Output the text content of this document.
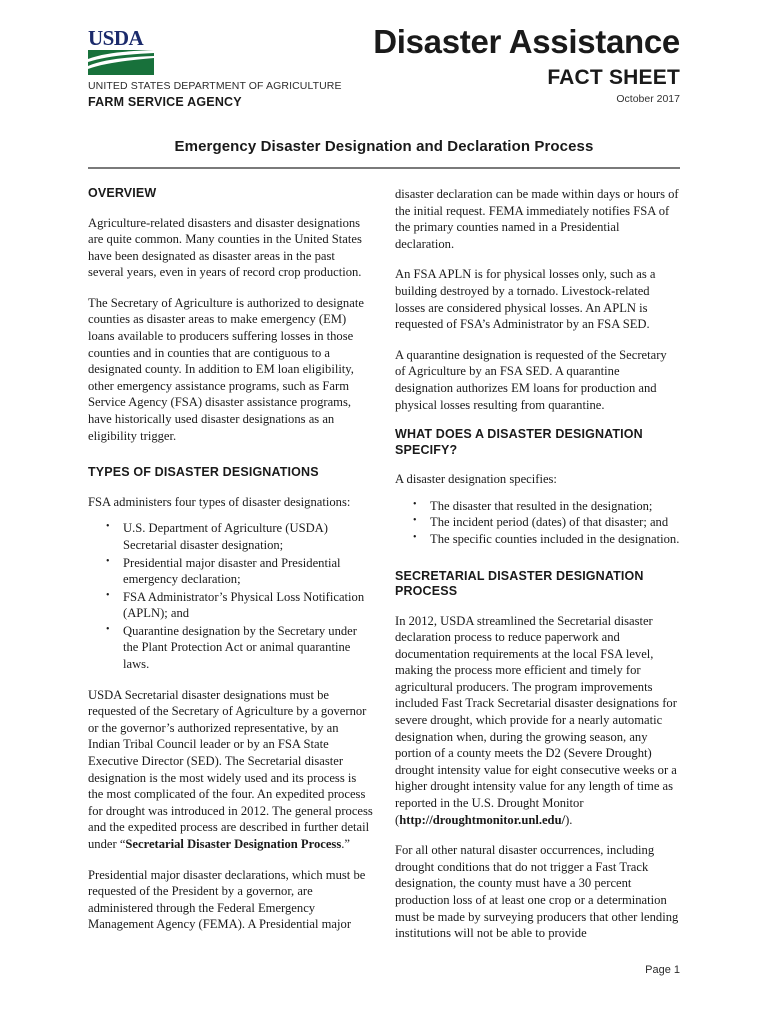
USDA
UNITED STATES DEPARTMENT OF AGRICULTURE
FARM SERVICE AGENCY
Disaster Assistance
FACT SHEET
October 2017
Emergency Disaster Designation and Declaration Process
OVERVIEW

Agriculture-related disasters and disaster designations are quite common. Many counties in the United States have been designated as disaster areas in the past several years, even in years of record crop production.

The Secretary of Agriculture is authorized to designate counties as disaster areas to make emergency (EM) loans available to producers suffering losses in those counties and in counties that are contiguous to a designated county. In addition to EM loan eligibility, other emergency assistance programs, such as Farm Service Agency (FSA) disaster assistance programs, have historically used disaster designations as an eligibility trigger.

TYPES OF DISASTER DESIGNATIONS

FSA administers four types of disaster designations:

• U.S. Department of Agriculture (USDA) Secretarial disaster designation;
• Presidential major disaster and Presidential emergency declaration;
• FSA Administrator’s Physical Loss Notification (APLN); and
• Quarantine designation by the Secretary under the Plant Protection Act or animal quarantine laws.

USDA Secretarial disaster designations must be requested of the Secretary of Agriculture by a governor or the governor’s authorized representative, by an Indian Tribal Council leader or by an FSA State Executive Director (SED). The Secretarial disaster designation is the most widely used and its process is the most complicated of the four. An expedited process for drought was introduced in 2012. The general process and the expedited process are described in further detail under “Secretarial Disaster Designation Process.”

Presidential major disaster declarations, which must be requested of the President by a governor, are administered through the Federal Emergency Management Agency (FEMA). A Presidential major

disaster declaration can be made within days or hours of the initial request. FEMA immediately notifies FSA of the primary counties named in a Presidential declaration.

An FSA APLN is for physical losses only, such as a building destroyed by a tornado. Livestock-related losses are considered physical losses. An APLN is requested of FSA’s Administrator by an FSA SED.

A quarantine designation is requested of the Secretary of Agriculture by an FSA SED. A quarantine designation authorizes EM loans for production and physical losses resulting from quarantine.

WHAT DOES A DISASTER DESIGNATION SPECIFY?

A disaster designation specifies:

• The disaster that resulted in the designation;
• The incident period (dates) of that disaster; and
• The specific counties included in the designation.
SECRETARIAL DISASTER DESIGNATION PROCESS

In 2012, USDA streamlined the Secretarial disaster declaration process to reduce paperwork and documentation requirements at the local FSA level, making the process more efficient and timely for agricultural producers. The program improvements included Fast Track Secretarial disaster designations for severe drought, which provide for a nearly automatic designation when, during the growing season, any portion of a county meets the D2 (Severe Drought) drought intensity value for eight consecutive weeks or a higher drought intensity value for any length of time as reported in the U.S. Drought Monitor (http://droughtmonitor.unl.edu/).

For all other natural disaster occurrences, including drought conditions that do not trigger a Fast Track designation, the county must have a 30 percent production loss of at least one crop or a determination must be made by surveying producers that other lending institutions will not be able to provide

Page 1
